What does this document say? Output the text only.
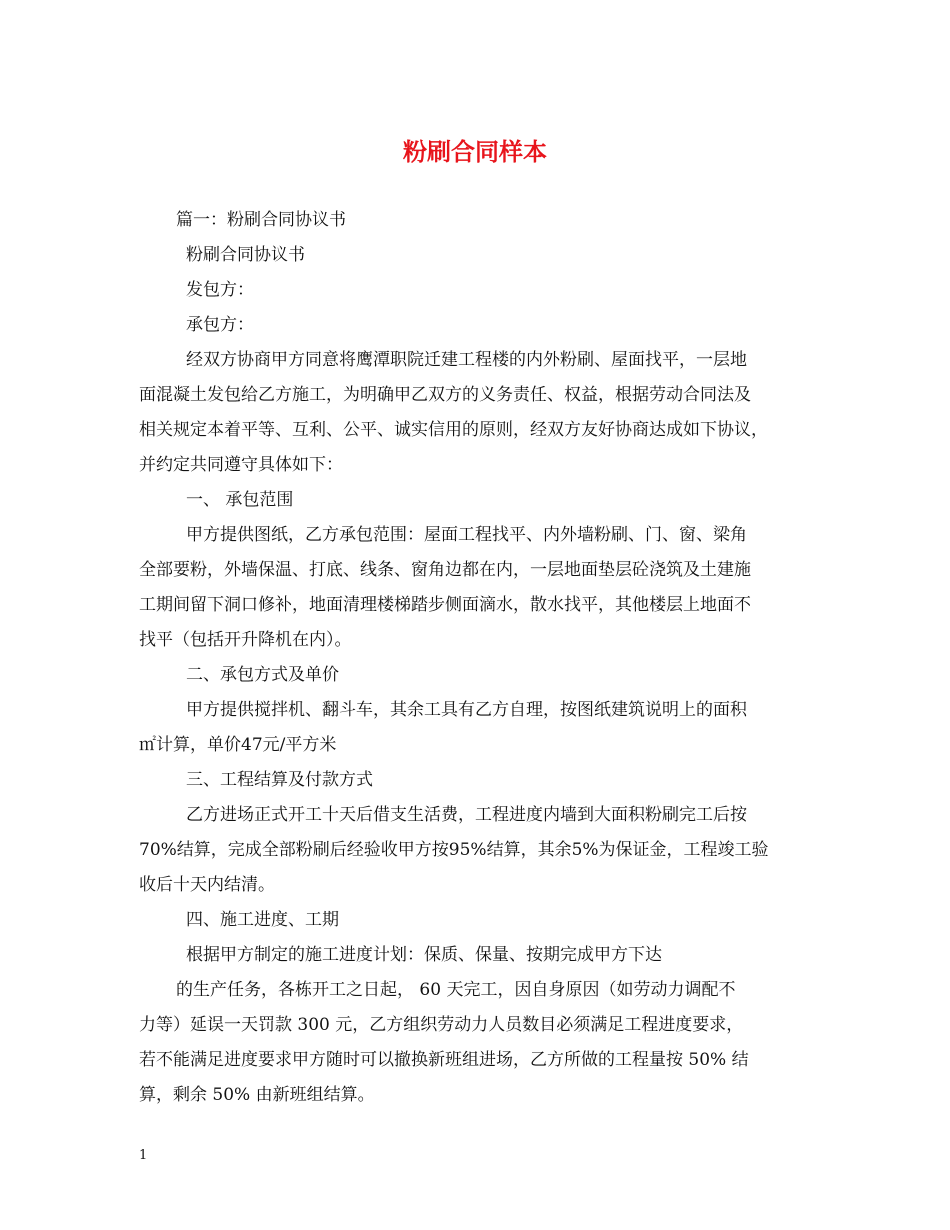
粉刷合同样本
篇一：粉刷合同协议书
粉刷合同协议书
发包方：
承包方：
经双方协商甲方同意将鹰潭职院迁建工程楼的内外粉刷、屋面找平，一层地
面混凝土发包给乙方施工，为明确甲乙双方的义务责任、权益，根据劳动合同法及
相关规定本着平等、互利、公平、诚实信用的原则，经双方友好协商达成如下协议，
并约定共同遵守具体如下：
一、 承包范围
甲方提供图纸，乙方承包范围：屋面工程找平、内外墙粉刷、门、窗、梁角
全部要粉，外墙保温、打底、线条、窗角边都在内，一层地面垫层砼浇筑及土建施
工期间留下洞口修补，地面清理楼梯踏步侧面滴水，散水找平，其他楼层上地面不
找平（包括开升降机在内）。
二、承包方式及单价
甲方提供搅拌机、翻斗车，其余工具有乙方自理，按图纸建筑说明上的面积
㎡计算，单价47元/平方米
三、工程结算及付款方式
乙方进场正式开工十天后借支生活费，工程进度内墙到大面积粉刷完工后按
70%结算，完成全部粉刷后经验收甲方按95%结算，其余5%为保证金，工程竣工验
收后十天内结清。
四、施工进度、工期
根据甲方制定的施工进度计划：保质、保量、按期完成甲方下达
的生产任务，各栋开工之日起， 60 天完工，因自身原因（如劳动力调配不
力等）延误一天罚款 300 元，乙方组织劳动力人员数目必须满足工程进度要求，
若不能满足进度要求甲方随时可以撤换新班组进场，乙方所做的工程量按 50% 结
算，剩余 50% 由新班组结算。
1
